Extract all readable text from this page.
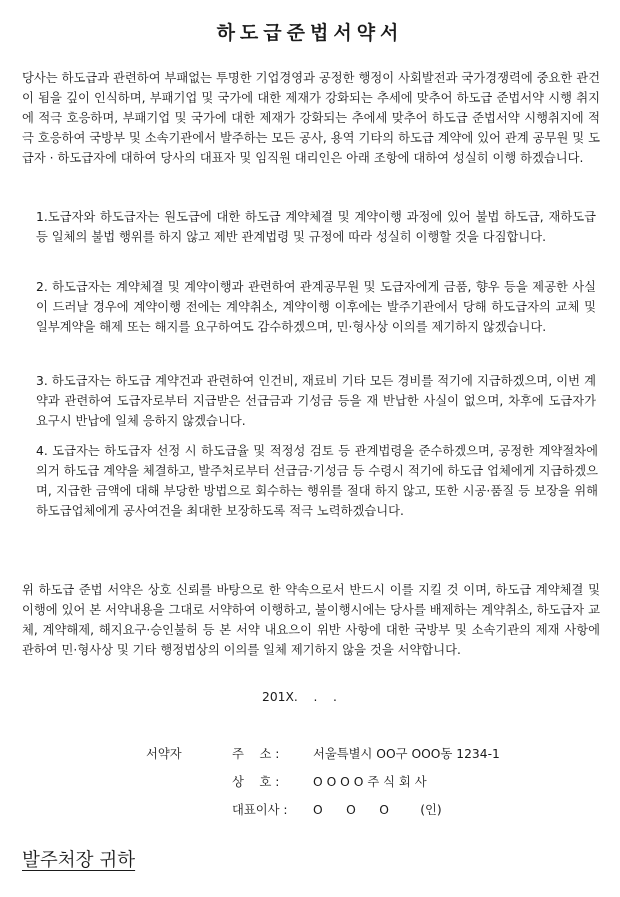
하도급준법서약서

당사는 하도급과 관련하여 부패없는 투명한 기업경영과 공정한 행정이 사회발전과 국가경쟁력에 중요한 관건이 됨을 깊이 인식하며, 부패기업 및 국가에 대한 제재가 강화되는 추세에 맞추어 하도급 준법서약 시행 취지에 적극 호응하며, 부패기업 및 국가에 대한 제재가 강화되는 추에세 맞추어 하도급 준법서약 시행취지에 적극 호응하여 국방부 및 소속기관에서 발주하는 모든 공사, 용역 기타의 하도급 계약에 있어 관계 공무원 및 도급자 · 하도급자에 대하여 당사의 대표자 및 임직원 대리인은 아래 조항에 대하여 성실히 이행 하겠습니다.

1.도급자와 하도급자는 원도급에 대한 하도급 계약체결 및 계약이행 과정에 있어 불법 하도급, 재하도급 등 일체의 불법 행위를 하지 않고 제반 관계법령 및 규정에 따라 성실히 이행할 것을 다짐합니다.

2. 하도급자는 계약체결 및 계약이행과 관련하여 관계공무원 및 도급자에게 금품, 향우 등을 제공한 사실이 드러날 경우에 계약이행 전에는 계약취소, 계약이행 이후에는 발주기관에서 당해 하도급자의 교체 및 일부계약을 해제 또는 해지를 요구하여도 감수하겠으며, 민·형사상 이의를 제기하지 않겠습니다.

3. 하도급자는 하도급 계약건과 관련하여 인건비, 재료비 기타 모든 경비를 적기에 지급하겠으며, 이번 계약과 관련하여 도급자로부터 지급받은 선급금과 기성금 등을 재 반납한 사실이 없으며, 차후에 도급자가 요구시 반납에 일체 응하지 않겠습니다.

4. 도급자는 하도급자 선정 시 하도급율 및 적정성 검토 등 관계법령을 준수하겠으며, 공정한 계약절차에 의거 하도급 계약을 체결하고, 발주처로부터 선급금·기성금 등 수령시 적기에 하도급 업체에게 지급하겠으며, 지급한 금액에 대해 부당한 방법으로 회수하는 행위를 절대 하지 않고, 또한 시공·품질 등 보장을 위해 하도급업체에게 공사여건을 최대한 보장하도록 적극 노력하겠습니다.

위 하도급 준법 서약은 상호 신뢰를 바탕으로 한 약속으로서 반드시 이를 지킬 것 이며, 하도급 계약체결 및 이행에 있어 본 서약내용을 그대로 서약하여 이행하고, 불이행시에는 당사를 배제하는 계약취소, 하도급자 교체, 계약해제, 해지요구·승인불허 등 본 서약 내요으이 위반 사항에 대한 국방부 및 소속기관의 제재 사항에 관하여 민·형사상 및 기타 행정법상의 이의를 일체 제기하지 않을 것을 서약합니다.

201X.    .    .
서약자	주    소 :	서울특별시 OO구 OOO동 1234-1
상    호 :	O O O O 주 식 회 사
대표이사 : O      O      O        (인)
발주처장 귀하
